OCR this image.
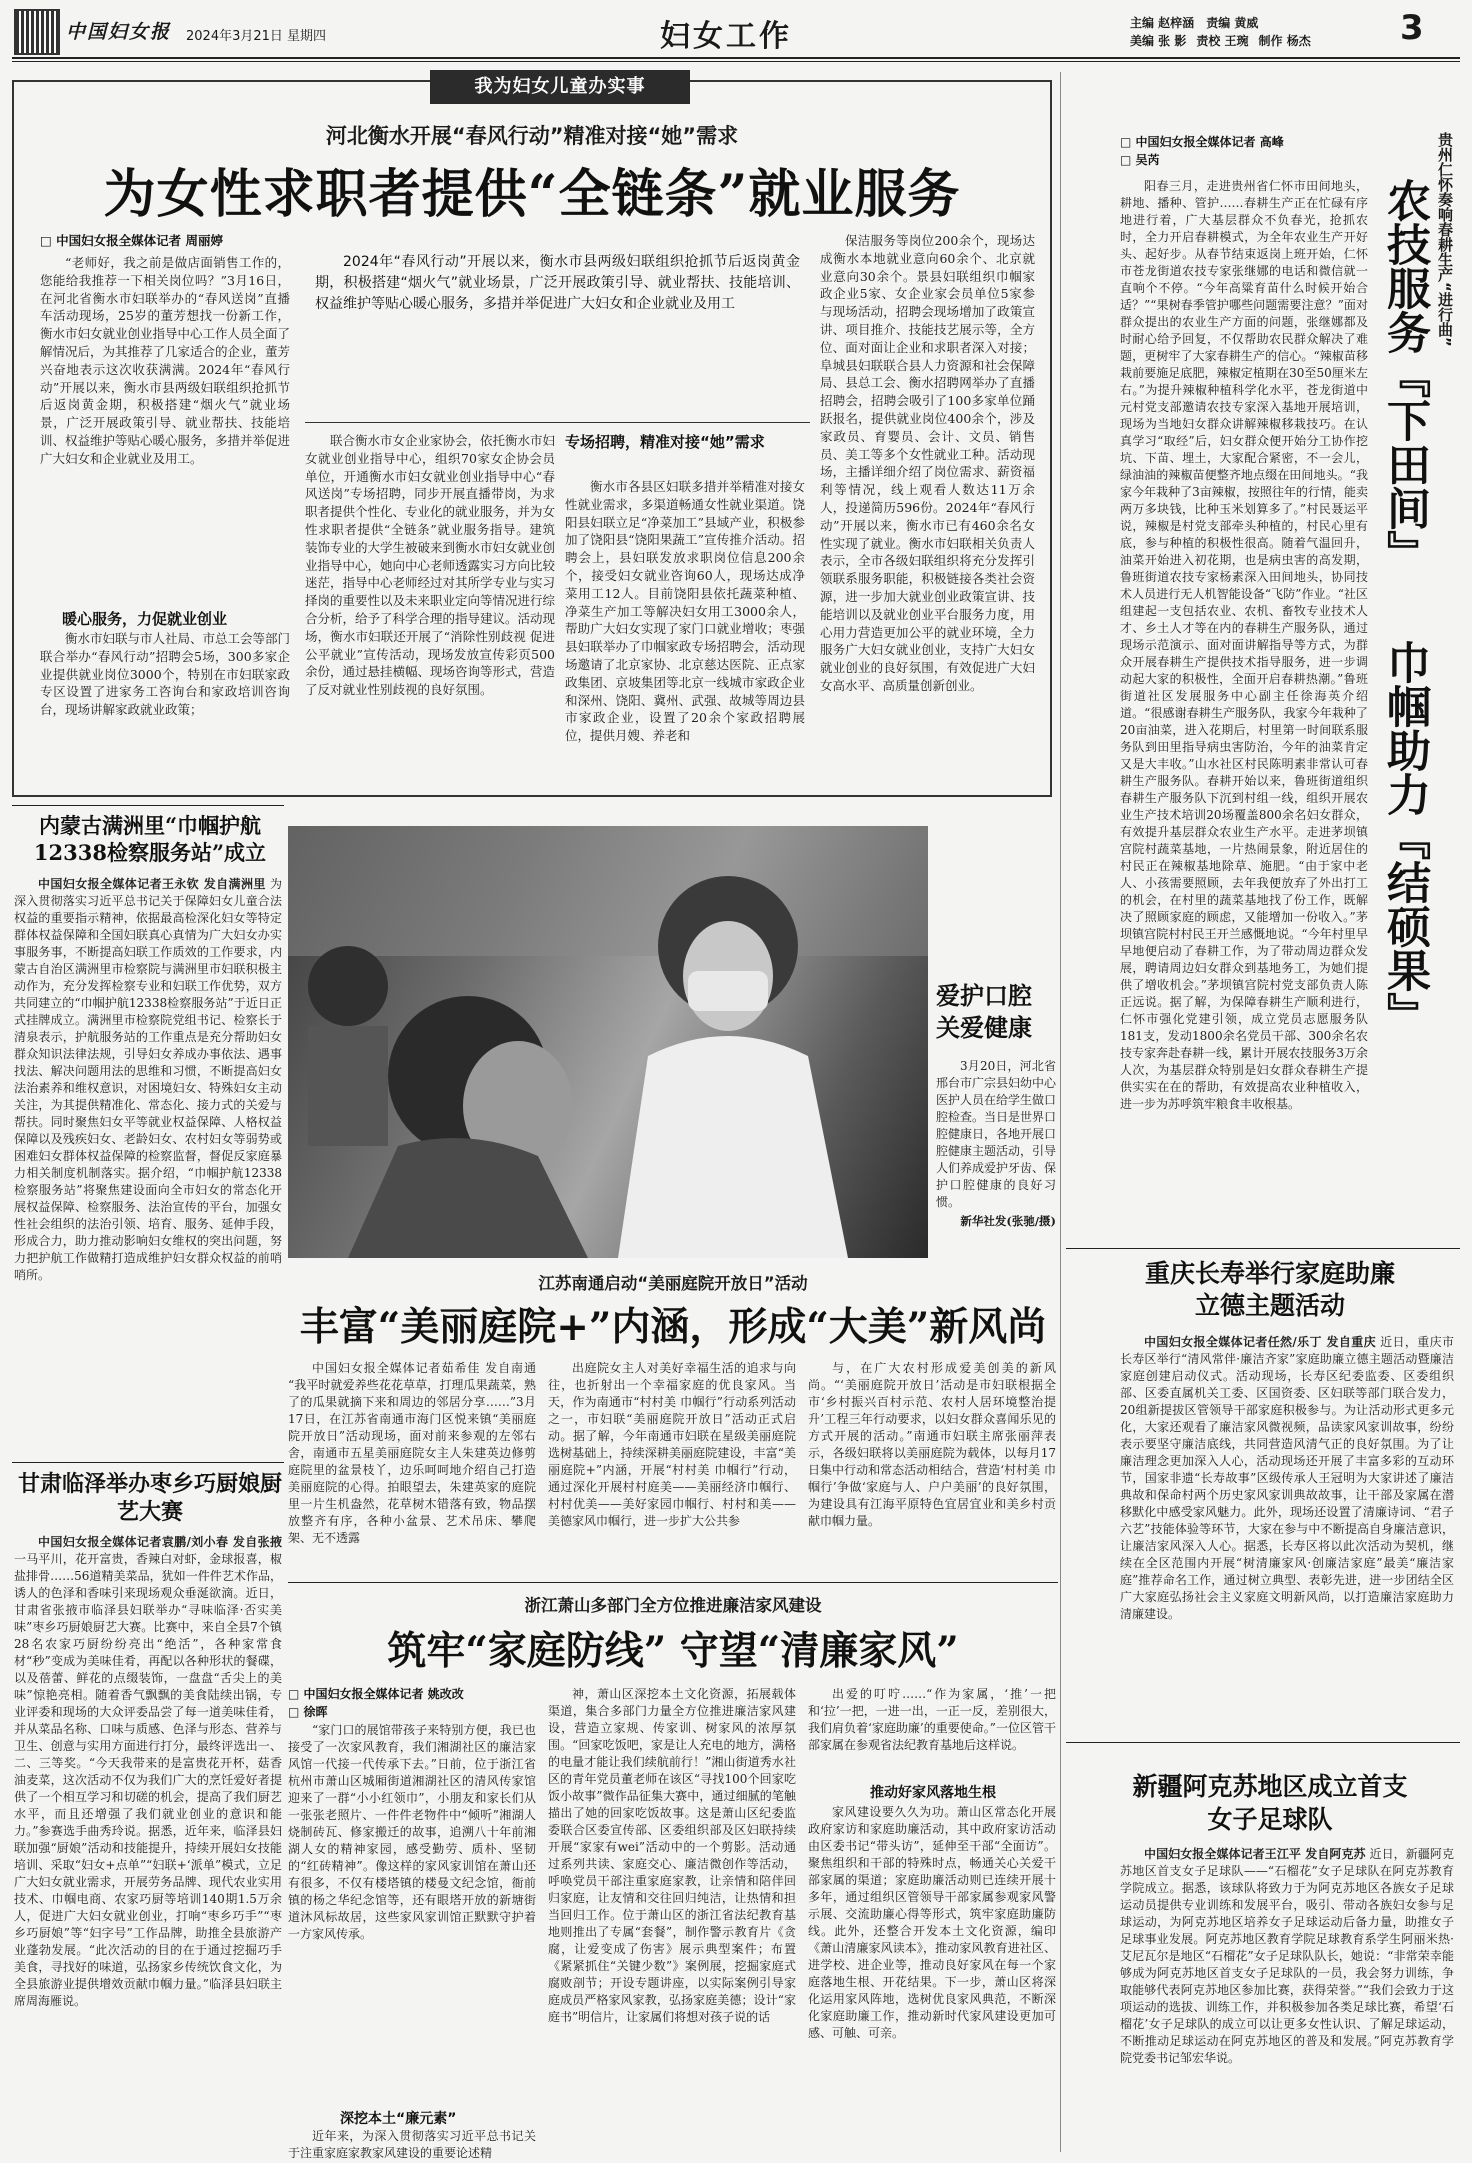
中国妇女报	2024年3月21日 星期四	妇女工作	主编 赵梓涵 责编 黄威
美编 张 影 责校 王琬 制作 杨杰	3
我为妇女儿童办实事
河北衡水开展“春风行动”精准对接“她”需求
为女性求职者提供“全链条”就业服务
□ 中国妇女报全媒体记者 周丽婷

“老师好，我之前是做店面销售工作的，您能给我推荐一下相关岗位吗？”3月16日，在河北省衡水市妇联举办的“春风送岗”直播车活动现场，25岁的董芳想找一份新工作，衡水市妇女就业创业指导中心工作人员全面了解情况后，为其推荐了几家适合的企业，董芳兴奋地表示这次收获满满。2024年“春风行动”开展以来，衡水市县两级妇联组织抢抓节后返岗黄金期，积极搭建“烟火气”就业场景，广泛开展政策引导、就业帮扶、技能培训、权益维护等贴心暖心服务，多措并举促进广大妇女和企业就业及用工。

暖心服务，力促就业创业

衡水市妇联与市人社局、市总工会等部门联合举办“春风行动”招聘会5场，300多家企业提供就业岗位3000个，特别在市妇联家政专区设置了进家务工咨询台和家政培训咨询台，现场讲解家政就业政策；

2024年“春风行动”开展以来，衡水市县两级妇联组织抢抓节后返岗黄金期，积极搭建“烟火气”就业场景，广泛开展政策引导、就业帮扶、技能培训、权益维护等贴心暖心服务，多措并举促进广大妇女和企业就业及用工

联合衡水市女企业家协会，依托衡水市妇女就业创业指导中心，组织70家女企协会员单位，开通衡水市妇女就业创业指导中心“春风送岗”专场招聘，同步开展直播带岗，为求职者提供个性化、专业化的就业服务，并为女性求职者提供“全链条”就业服务指导。建筑装饰专业的大学生被破来到衡水市妇女就业创业指导中心，她向中心老师透露实习方向比较迷茫，指导中心老师经过对其所学专业与实习择岗的重要性以及未来职业定向等情况进行综合分析，给予了科学合理的指导建议。活动现场，衡水市妇联还开展了“消除性别歧视 促进公平就业”宣传活动，现场发放宣传彩页500余份，通过悬挂横幅、现场咨询等形式，营造了反对就业性别歧视的良好氛围。

专场招聘，精准对接“她”需求

衡水市各县区妇联多措并举精准对接女性就业需求，多渠道畅通女性就业渠道。饶阳县妇联立足“净菜加工”县域产业，积极参加了饶阳县“饶阳果蔬工”宣传推介活动。招聘会上，县妇联发放求职岗位信息200余个，接受妇女就业咨询60人，现场达成净菜用工12人。目前饶阳县依托蔬菜种植、净菜生产加工等解决妇女用工3000余人，帮助广大妇女实现了家门口就业增收；枣强县妇联举办了巾帼家政专场招聘会，活动现场邀请了北京家协、北京慈达医院、正点家政集团、京坡集团等北京一线城市家政企业和深州、饶阳、冀州、武强、故城等周边县市家政企业，设置了20余个家政招聘展位，提供月嫂、养老和

保洁服务等岗位200余个，现场达成衡水本地就业意向60余个、北京就业意向30余个。景县妇联组织巾帼家政企业5家、女企业家会员单位5家参与现场活动，招聘会现场增加了政策宣讲、项目推介、技能技艺展示等，全方位、面对面让企业和求职者深入对接；阜城县妇联联合县人力资源和社会保障局、县总工会、衡水招聘网举办了直播招聘会，招聘会吸引了100多家单位踊跃报名，提供就业岗位400余个，涉及家政员、育婴员、会计、文员、销售员、美工等多个女性就业工种。活动现场，主播详细介绍了岗位需求、薪资福利等情况，线上观看人数达11万余人，投递简历596份。2024年“春风行动”开展以来，衡水市已有460余名女性实现了就业。衡水市妇联相关负责人表示，全市各级妇联组织将充分发挥引领联系服务职能，积极链接各类社会资源，进一步加大就业创业政策宣讲、技能培训以及就业创业平台服务力度，用心用力营造更加公平的就业环境，全力服务广大妇女就业创业，支持广大妇女就业创业的良好氛围，有效促进广大妇女高水平、高质量创新创业。

□ 中国妇女报全媒体记者 高峰
□ 吴芮	贵州仁怀奏响春耕生产“进行曲”
农技服务『下田间』
巾帼助力『结硕果』

阳春三月，走进贵州省仁怀市田间地头，耕地、播种、管护……春耕生产正在忙碌有序地进行着，广大基层群众不负春光，抢抓农时，全力开启春耕模式，为全年农业生产开好头、起好步。从春节结束返岗上班开始，仁怀市苍龙街道农技专家张继娜的电话和微信就一直响个不停。“今年高粱育苗什么时候开始合适？”“果树春季管护哪些问题需要注意？”面对群众提出的农业生产方面的问题，张继娜都及时耐心给予回复，不仅帮助农民群众解决了难题，更树牢了大家春耕生产的信心。“辣椒苗移栽前要施足底肥，辣椒定植期在30至50厘米左右。”为提升辣椒种植科学化水平，苍龙街道中元村党支部邀请农技专家深入基地开展培训，现场为当地妇女群众讲解辣椒移栽技巧。在认真学习“取经”后，妇女群众便开始分工协作挖坑、下苗、埋土，大家配合紧密，不一会儿，绿油油的辣椒苗便整齐地点缀在田间地头。“我家今年栽种了3亩辣椒，按照往年的行情，能卖两万多块钱，比种玉米划算多了。”村民聂运平说，辣椒是村党支部牵头种植的，村民心里有底，参与种植的积极性很高。随着气温回升，油菜开始进入初花期，也是病虫害的高发期，鲁班街道农技专家杨素深入田间地头，协同技术人员进行无人机智能设备“飞防”作业。“社区组建起一支包括农业、农机、畜牧专业技术人才、乡土人才等在内的春耕生产服务队，通过现场示范演示、面对面讲解指导等方式，为群众开展春耕生产提供技术指导服务，进一步调动起大家的积极性，全面开启春耕热潮。”鲁班街道社区发展服务中心副主任徐海英介绍道。“很感谢春耕生产服务队，我家今年栽种了20亩油菜，进入花期后，村里第一时间联系服务队到田里指导病虫害防治，今年的油菜肯定又是大丰收。”山水社区村民陈明素非常认可春耕生产服务队。春耕开始以来，鲁班街道组织春耕生产服务队下沉到村组一线，组织开展农业生产技术培训20场覆盖800余名妇女群众，有效提升基层群众农业生产水平。走进茅坝镇宫院村蔬菜基地，一片热闹景象，附近居住的村民正在辣椒基地除草、施肥。“由于家中老人、小孩需要照顾，去年我便放弃了外出打工的机会，在村里的蔬菜基地找了份工作，既解决了照顾家庭的顾虑，又能增加一份收入。”茅坝镇宫院村村民王开兰感慨地说。“今年村里早早地便启动了春耕工作，为了带动周边群众发展，聘请周边妇女群众到基地务工，为她们提供了增收机会。”茅坝镇宫院村党支部负责人陈正远说。据了解，为保障春耕生产顺利进行，仁怀市强化党建引领，成立党员志愿服务队181支，发动1800余名党员干部、300余名农技专家奔赴春耕一线，累计开展农技服务3万余人次，为基层群众特别是妇女群众春耕生产提供实实在在的帮助，有效提高农业种植收入，进一步为苏呼筑牢粮食丰收根基。

内蒙古满洲里“巾帼护航12338检察服务站”成立

中国妇女报全媒体记者王永钦 发自满洲里 为深入贯彻落实习近平总书记关于保障妇女儿童合法权益的重要指示精神，依据最高检深化妇女等特定群体权益保障和全国妇联真心真情为广大妇女办实事服务事，不断提高妇联工作质效的工作要求，内蒙古自治区满洲里市检察院与满洲里市妇联积极主动作为，充分发挥检察专业和妇联工作优势，双方共同建立的“巾帼护航12338检察服务站”于近日正式挂牌成立。满洲里市检察院党组书记、检察长于清泉表示，护航服务站的工作重点是充分帮助妇女群众知识法律法规，引导妇女养成办事依法、遇事找法、解决问题用法的思维和习惯，不断提高妇女法治素养和维权意识，对困境妇女、特殊妇女主动关注，为其提供精准化、常态化、接力式的关爱与帮扶。同时聚焦妇女平等就业权益保障、人格权益保障以及残疾妇女、老龄妇女、农村妇女等弱势或困难妇女群体权益保障的检察监督，督促反家庭暴力相关制度机制落实。据介绍，“巾帼护航12338检察服务站”将聚焦建设面向全市妇女的常态化开展权益保障、检察服务、法治宣传的平台，加强女性社会组织的法治引领、培育、服务、延伸手段，形成合力，助力推动影响妇女维权的突出问题，努力把护航工作做精打造成维护妇女群众权益的前哨哨所。

爱护口腔 关爱健康

3月20日，河北省邢台市广宗县妇幼中心医护人员在给学生做口腔检查。当日是世界口腔健康日，各地开展口腔健康主题活动，引导人们养成爱护牙齿、保护口腔健康的良好习惯。

新华社发(张驰/摄)
江苏南通启动“美丽庭院开放日”活动
丰富“美丽庭院+”内涵，形成“大美”新风尚

中国妇女报全媒体记者茹希佳 发自南通 “我平时就爱养些花花草草，打理瓜果蔬菜，熟了的瓜果就摘下来和周边的邻居分享……”3月17日，在江苏省南通市海门区悦来镇“美丽庭院开放日”活动现场，面对前来参观的左邻右舍，南通市五星美丽庭院女主人朱建英边修剪庭院里的盆景枝丫，边乐呵呵地介绍自己打造美丽庭院的心得。拍眼望去，朱建英家的庭院里一片生机盎然，花草树木错落有致，物品摆放整齐有序，各种小盆景、艺术吊床、攀爬架、无不透露

出庭院女主人对美好幸福生活的追求与向往，也折射出一个幸福家庭的优良家风。当天，作为南通市“村村美 巾帼行”行动系列活动之一，市妇联“美丽庭院开放日”活动正式启动。据了解，今年南通市妇联在星级美丽庭院选树基础上，持续深耕美丽庭院建设，丰富“美丽庭院+”内涵，开展“村村美 巾帼行”行动，通过深化开展村村庭美——美丽经济巾帼行、村村优美——美好家园巾帼行、村村和美——美德家风巾帼行，进一步扩大公共参

与，在广大农村形成爱美创美的新风尚。“‘美丽庭院开放日’活动是市妇联根据全市‘乡村振兴百村示范、农村人居环境整治提升’工程三年行动要求，以妇女群众喜闻乐见的方式开展的活动。”南通市妇联主席张丽萍表示，各级妇联将以美丽庭院为载体，以每月17日集中行动和常态活动相结合，营造‘村村美 巾帼行’争做‘家庭与人、户户美丽’的良好氛围，为建设具有江海平原特色宜居宜业和美乡村贡献巾帼力量。

甘肃临泽举办枣乡巧厨娘厨艺大赛

中国妇女报全媒体记者袁鹏/刘小春 发自张掖 一马平川，花开富贵，香辣白对虾，金球报喜，椒盐排骨……56道精美菜品，犹如一件件艺术作品，诱人的色泽和香味引来现场观众垂涎欲滴。近日，甘肃省张掖市临泽县妇联举办“寻味临泽·否实美味”枣乡巧厨娘厨艺大赛。比赛中，来自全县7个镇28名农家巧厨纷纷亮出“绝活”，各种家常食材“秒”变成为美味佳肴，再配以各种形状的餐碟，以及蓓蕾、鲜花的点缀装饰，一盘盘“舌尖上的美味”惊艳亮相。随着香气飘飘的美食陆续出锅，专业评委和现场的大众评委品尝了每一道美味佳肴，并从菜品名称、口味与质感、色泽与形态、营养与卫生、创意与实用方面进行打分，最终评选出一、二、三等奖。“今天我带来的是富贵花开杯，菇香油麦菜，这次活动不仅为我们广大的烹饪爱好者提供了一个相互学习和切磋的机会，提高了我们厨艺水平，而且还增强了我们就业创业的意识和能力。”参赛选手曲秀玲说。据悉，近年来，临泽县妇联加强“厨娘”活动和技能提升，持续开展妇女技能培训、采取“妇女+点单”“妇联+‘派单”模式，立足广大妇女就业需求，开展劳务品牌、现代农业实用技术、巾帼电商、农家巧厨等培训140期1.5万余人，促进广大妇女就业创业，打响“枣乡巧手”“枣乡巧厨娘”等“妇字号”工作品牌，助推全县旅游产业蓬勃发展。“此次活动的目的在于通过挖掘巧手美食，寻找好的味道，弘扬家乡传统饮食文化，为全县旅游业提供增效贡献巾帼力量。”临泽县妇联主席周海雁说。

浙江萧山多部门全方位推进廉洁家风建设
筑牢“家庭防线” 守望“清廉家风”
□ 中国妇女报全媒体记者 姚改改
□ 徐晖

“家门口的展馆带孩子来特别方便，我已也接受了一次家风教育，我们湘湖社区的廉洁家风馆一代接一代传承下去。”日前，位于浙江省杭州市萧山区城厢街道湘湖社区的清风传家馆迎来了一群“小小红领巾”，小朋友和家长们从一张张老照片、一件件老物件中“倾听”湘湖人烧制砖瓦、修家搬迁的故事，追溯八十年前湘湖人女的精神家园，感受勤劳、质朴、坚韧的“红砖精神”。像这样的家风家训馆在萧山还有很多，不仅有楼塔镇的楼曼文纪念馆，衙前镇的杨之华纪念馆等，还有眼塔开放的新塘街道沐风标故居，这些家风家训馆正默默守护着一方家风传承。

深挖本土“廉元素”

近年来，为深入贯彻落实习近平总书记关于注重家庭家教家风建设的重要论述精

神，萧山区深挖本土文化资源，拓展载体渠道，集合多部门力量全方位推进廉洁家风建设，营造立家规、传家训、树家风的浓厚氛围。“回家吃饭吧，家是让人充电的地方，满格的电量才能让我们续航前行！”湘山街道秀水社区的青年党员董老师在该区“寻找100个回家吃饭小故事”微作品征集大赛中，通过细腻的笔触描出了她的回家吃饭故事。这是萧山区纪委监委联合区委宣传部、区委组织部及区妇联持续开展“家家有wei”活动中的一个剪影。活动通过系列共读、家庭交心、廉洁微创作等活动，呼唤党员干部注重家庭家教，让亲情和陪伴回归家庭，让友情和交往回归纯洁，让热情和担当回归工作。位于萧山区的浙江省法纪教育基地则推出了专属“套餐”，制作警示教育片《贪腐，让爱变成了伤害》展示典型案件；布置《紧紧抓住“关键少数”》案例展，挖掘家庭式腐败剖节；开设专题讲座，以实际案例引导家庭成员严格家风家教，弘扬家庭美德；设计“家庭书”明信片，让家属们将想对孩子说的话

出爱的叮咛……“作为家属，‘推’一把和‘拉’一把，一进一出，一正一反，差别很大，我们肩负着‘家庭助廉’的重要使命。”一位区管干部家属在参观省法纪教育基地后这样说。

推动好家风落地生根

家风建设要久久为功。萧山区常态化开展政府家访和家庭助廉活动，其中政府家访活动由区委书记“带头访”，延伸至干部“全面访”。聚焦组织和干部的特殊时点，畅通关心关爱干部家属的渠道；家庭助廉活动则已连续开展十多年，通过组织区管领导干部家属参观家风警示展、交流助廉心得等形式，筑牢家庭助廉防线。此外，还整合开发本土文化资源，编印《萧山清廉家风读本》，推动家风教育进社区、进学校、进企业等，推动良好家风在每一个家庭落地生根、开花结果。下一步，萧山区将深化运用家风阵地，选树优良家风典范，不断深化家庭助廉工作，推动新时代家风建设更加可感、可触、可亲。

重庆长寿举行家庭助廉立德主题活动

中国妇女报全媒体记者任然/乐丁 发自重庆 近日，重庆市长寿区举行“清风常伴·廉洁齐家”家庭助廉立德主题活动暨廉洁家庭创建启动仪式。活动现场，长寿区纪委监委、区委组织部、区委直属机关工委、区国资委、区妇联等部门联合发力，20组新提拔区管领导干部家庭积极参与。为让活动形式更多元化，大家还观看了廉洁家风微视频，品读家风家训故事，纷纷表示要坚守廉洁底线，共同营造风清气正的良好氛围。为了让廉洁理念更加深入人心，活动现场还开展了丰富多彩的互动环节，国家非遗“长寿故事”区级传承人王冠明为大家讲述了廉洁典故和保命村两个历史家风家训典故故事，让干部及家属在潜移默化中感受家风魅力。此外，现场还设置了清廉诗词、“君子六艺”技能体验等环节，大家在参与中不断提高自身廉洁意识，让廉洁家风深入人心。据悉，长寿区将以此次活动为契机，继续在全区范围内开展“树清廉家风·创廉洁家庭”最美“廉洁家庭”推荐命名工作，通过树立典型、表彰先进，进一步团结全区广大家庭弘扬社会主义家庭文明新风尚，以打造廉洁家庭助力清廉建设。

新疆阿克苏地区成立首支女子足球队

中国妇女报全媒体记者王江平 发自阿克苏 近日，新疆阿克苏地区首支女子足球队——“石榴花”女子足球队在阿克苏教育学院成立。据悉，该球队将致力于为阿克苏地区各族女子足球运动员提供专业训练和发展平台，吸引、带动各族妇女参与足球运动，为阿克苏地区培养女子足球运动后备力量，助推女子足球事业发展。阿克苏地区教育学院足球教育系学生阿丽米热·艾尼瓦尔是地区“石榴花”女子足球队队长，她说：“非常荣幸能够成为阿克苏地区首支女子足球队的一员，我会努力训练，争取能够代表阿克苏地区参加比赛，获得荣誉。”“我们会致力于这项运动的选拔、训练工作，并积极参加各类足球比赛，希望‘石榴花’女子足球队的成立可以让更多女性认识、了解足球运动，不断推动足球运动在阿克苏地区的普及和发展。”阿克苏教育学院党委书记邹宏华说。
